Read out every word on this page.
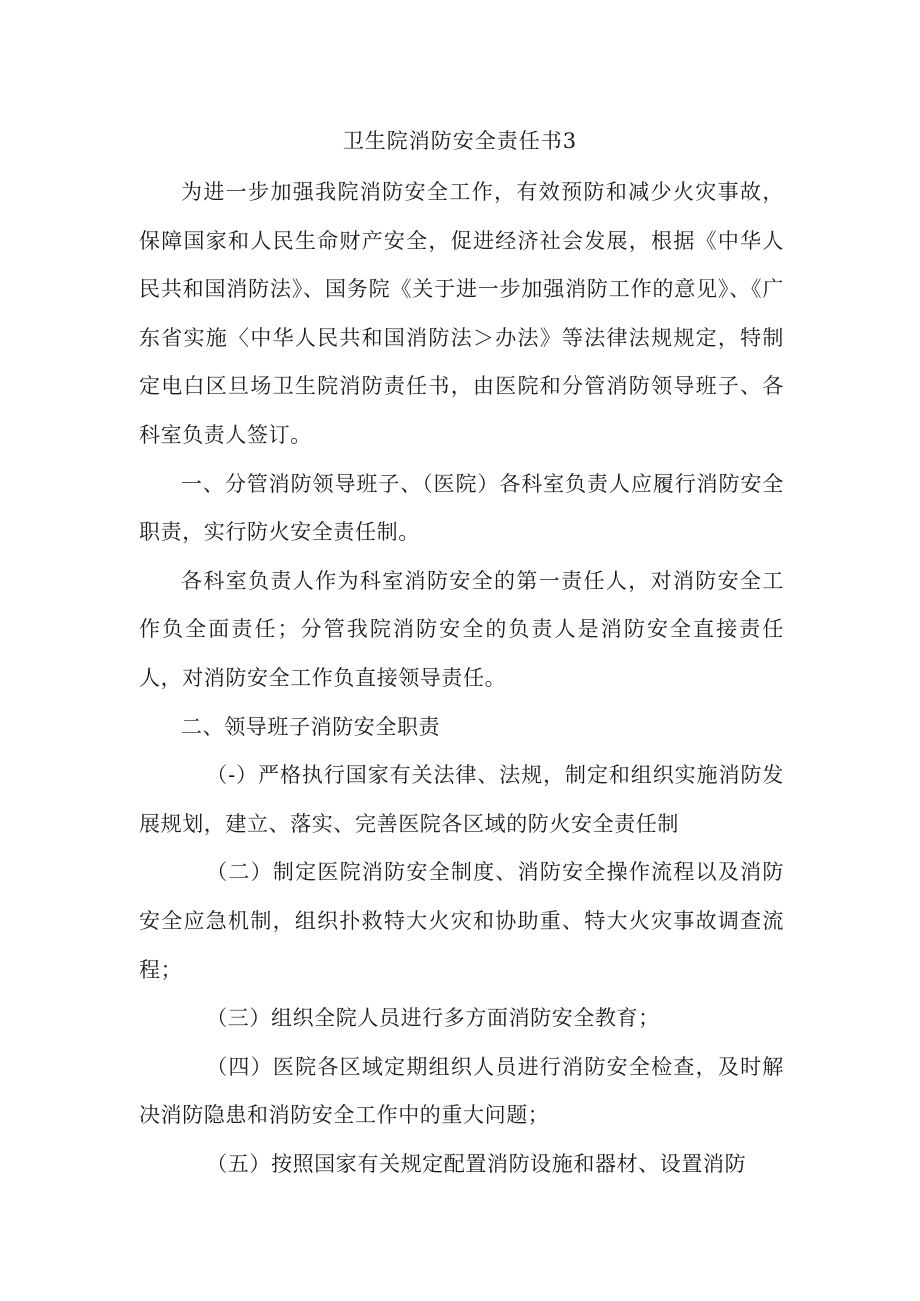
卫生院消防安全责任书3

为进一步加强我院消防安全工作，有效预防和减少火灾事故，保障国家和人民生命财产安全，促进经济社会发展，根据《中华人民共和国消防法》、国务院《关于进一步加强消防工作的意见》、《广东省实施〈中华人民共和国消防法＞办法》等法律法规规定，特制定电白区旦场卫生院消防责任书，由医院和分管消防领导班子、各科室负责人签订。

一、分管消防领导班子、（医院）各科室负责人应履行消防安全职责，实行防火安全责任制。

各科室负责人作为科室消防安全的第一责任人，对消防安全工作负全面责任；分管我院消防安全的负责人是消防安全直接责任人，对消防安全工作负直接领导责任。

二、领导班子消防安全职责

（-）严格执行国家有关法律、法规，制定和组织实施消防发展规划，建立、落实、完善医院各区域的防火安全责任制

（二）制定医院消防安全制度、消防安全操作流程以及消防安全应急机制，组织扑救特大火灾和协助重、特大火灾事故调查流程；

（三）组织全院人员进行多方面消防安全教育；

（四）医院各区域定期组织人员进行消防安全检查，及时解决消防隐患和消防安全工作中的重大问题；

（五）按照国家有关规定配置消防设施和器材、设置消防
